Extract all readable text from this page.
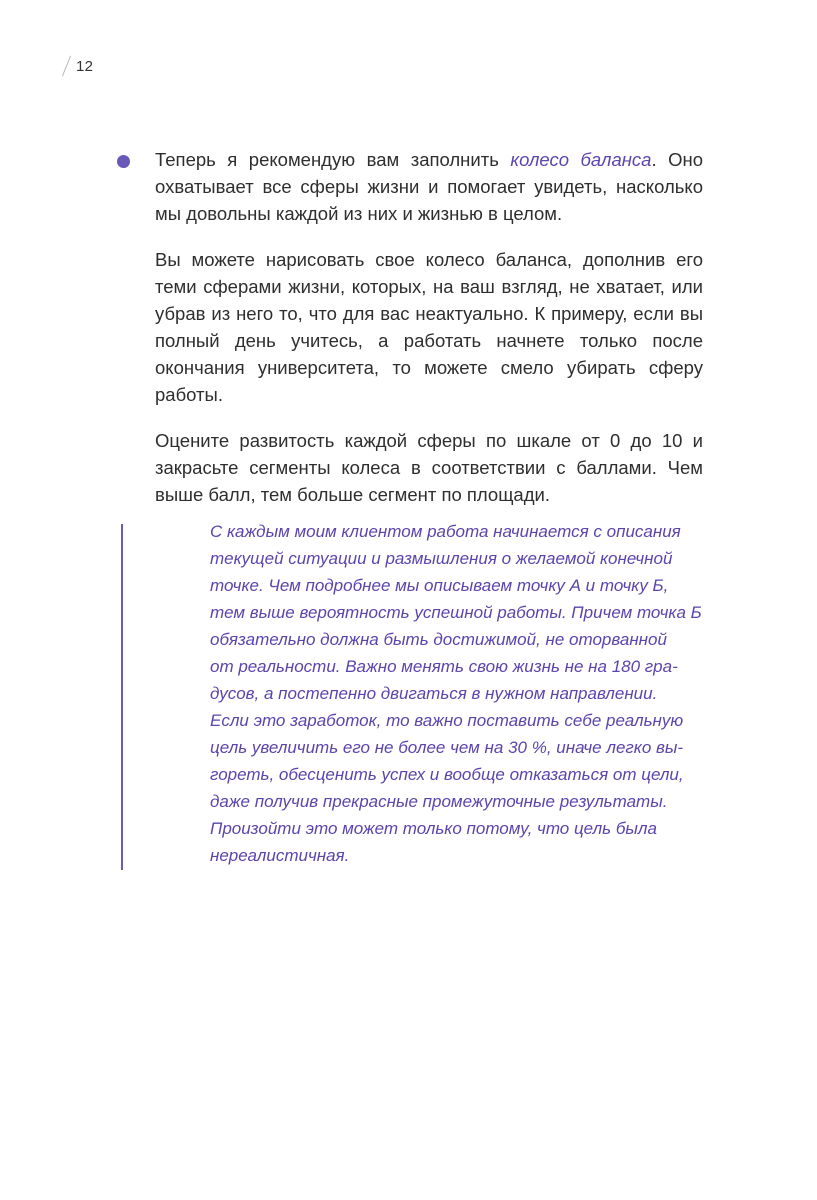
12

Теперь я рекомендую вам заполнить колесо баланса. Оно охватывает все сферы жизни и помогает увидеть, насколько мы довольны каждой из них и жизнью в целом.

Вы можете нарисовать свое колесо баланса, дополнив его теми сферами жизни, которых, на ваш взгляд, не хватает, или убрав из него то, что для вас неактуально. К примеру, если вы полный день учитесь, а работать начнете только после окончания университета, то можете смело убирать сферу работы.

Оцените развитость каждой сферы по шкале от 0 до 10 и закрасьте сегменты колеса в соответствии с баллами. Чем выше балл, тем больше сегмент по площади.

С каждым моим клиентом работа начинается с описания
текущей ситуации и размышления о желаемой конечной
точке. Чем подробнее мы описываем точку А и точку Б,
тем выше вероятность успешной работы. Причем точка Б
обязательно должна быть достижимой, не оторванной
от реальности. Важно менять свою жизнь не на 180 гра-
дусов, а постепенно двигаться в нужном направлении.
Если это заработок, то важно поставить себе реальную
цель увеличить его не более чем на 30 %, иначе легко вы-
гореть, обесценить успех и вообще отказаться от цели,
даже получив прекрасные промежуточные результаты.
Произойти это может только потому, что цель была
нереалистичная.
